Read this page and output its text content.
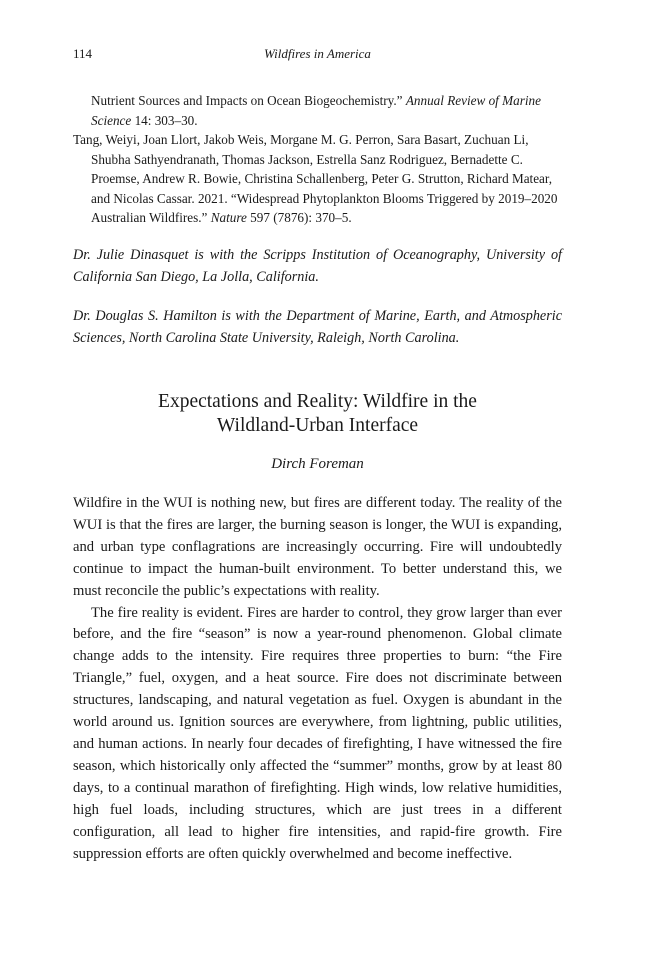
114	Wildfires in America

Nutrient Sources and Impacts on Ocean Biogeochemistry.” Annual Review of Marine Science 14: 303–30.

Tang, Weiyi, Joan Llort, Jakob Weis, Morgane M. G. Perron, Sara Basart, Zuchuan Li, Shubha Sathyendranath, Thomas Jackson, Estrella Sanz Rodriguez, Bernadette C. Proemse, Andrew R. Bowie, Christina Schallenberg, Peter G. Strutton, Richard Matear, and Nicolas Cassar. 2021. “Widespread Phytoplankton Blooms Triggered by 2019–2020 Australian Wildfires.” Nature 597 (7876): 370–5.

Dr. Julie Dinasquet is with the Scripps Institution of Oceanography, University of California San Diego, La Jolla, California.

Dr. Douglas S. Hamilton is with the Department of Marine, Earth, and Atmospheric Sciences, North Carolina State University, Raleigh, North Carolina.

Expectations and Reality: Wildfire in the
Wildland-Urban Interface

Dirch Foreman

Wildfire in the WUI is nothing new, but fires are different today. The reality of the WUI is that the fires are larger, the burning season is longer, the WUI is expanding, and urban type conflagrations are increasingly occurring. Fire will undoubtedly continue to impact the human-built environment. To better understand this, we must reconcile the public’s expectations with reality.

The fire reality is evident. Fires are harder to control, they grow larger than ever before, and the fire “season” is now a year-round phenomenon. Global climate change adds to the intensity. Fire requires three properties to burn: “the Fire Triangle,” fuel, oxygen, and a heat source. Fire does not discriminate between structures, landscaping, and natural vegetation as fuel. Oxygen is abundant in the world around us. Ignition sources are everywhere, from lightning, public utilities, and human actions. In nearly four decades of firefighting, I have witnessed the fire season, which historically only affected the “summer” months, grow by at least 80 days, to a continual marathon of firefighting. High winds, low relative humidities, high fuel loads, including structures, which are just trees in a different configuration, all lead to higher fire intensities, and rapid-fire growth. Fire suppression efforts are often quickly overwhelmed and become ineffective.
